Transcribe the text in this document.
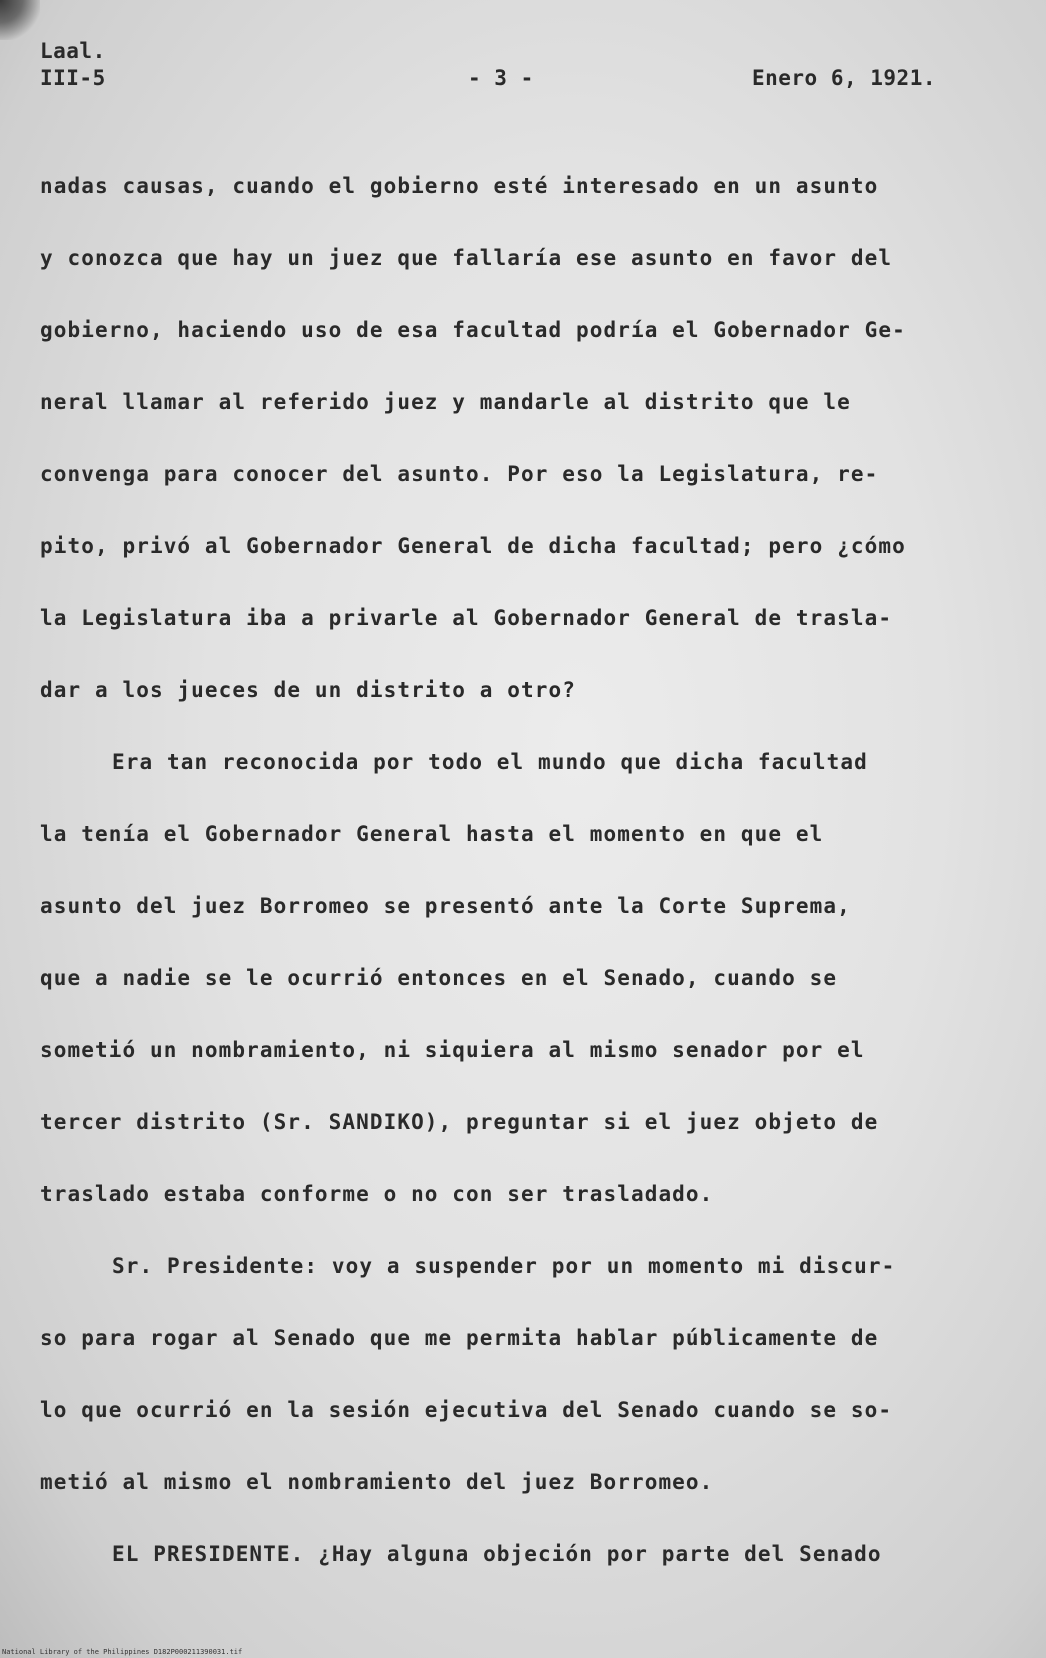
Laal.
III-5	- 3 -	Enero 6, 1921.
nadas causas, cuando el gobierno esté interesado en un asunto
y conozca que hay un juez que fallaría ese asunto en favor del
gobierno, haciendo uso de esa facultad podría el Gobernador Ge-
neral llamar al referido juez y mandarle al distrito que le
convenga para conocer del asunto. Por eso la Legislatura, re-
pito, privó al Gobernador General de dicha facultad; pero ¿cómo
la Legislatura iba a privarle al Gobernador General de trasla-
dar a los jueces de un distrito a otro?
Era tan reconocida por todo el mundo que dicha facultad
la tenía el Gobernador General hasta el momento en que el
asunto del juez Borromeo se presentó ante la Corte Suprema,
que a nadie se le ocurrió entonces en el Senado, cuando se
sometió un nombramiento, ni siquiera al mismo senador por el
tercer distrito (Sr. SANDIKO), preguntar si el juez objeto de
traslado estaba conforme o no con ser trasladado.
Sr. Presidente: voy a suspender por un momento mi discur-
so para rogar al Senado que me permita hablar públicamente de
lo que ocurrió en la sesión ejecutiva del Senado cuando se so-
metió al mismo el nombramiento del juez Borromeo.
EL PRESIDENTE. ¿Hay alguna objeción por parte del Senado
National Library of the Philippines D182P000211390031.tif
